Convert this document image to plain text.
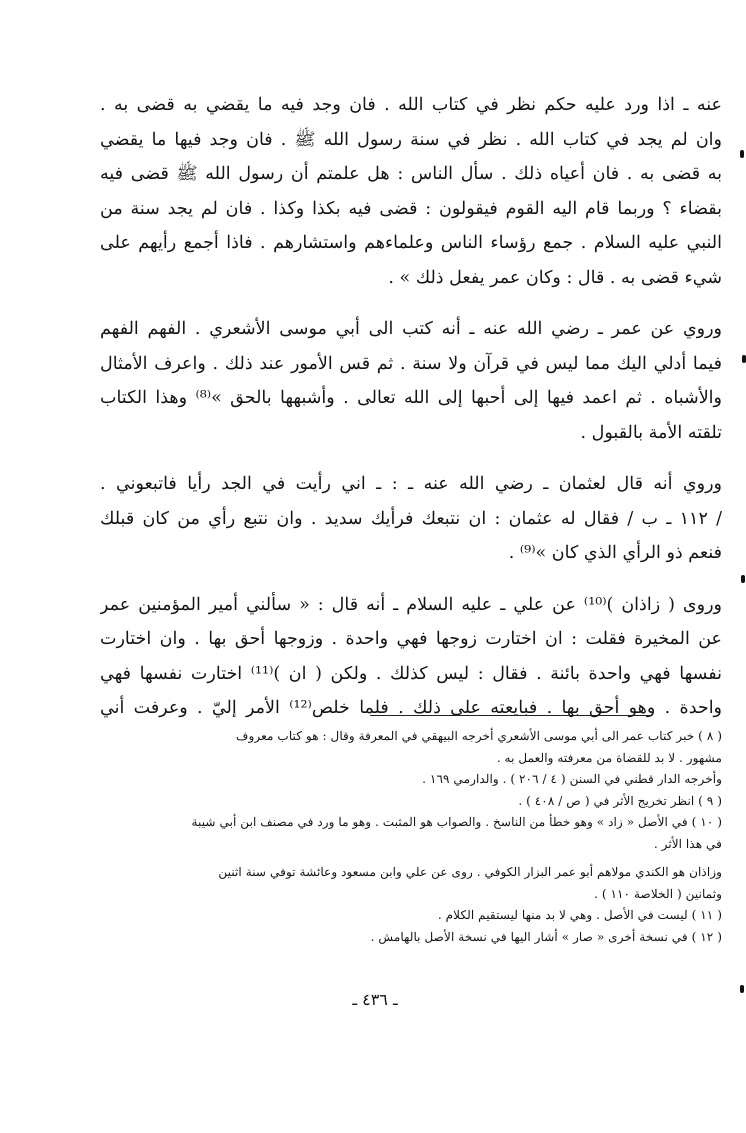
عنه ـ اذا ورد عليه حكم نظر في كتاب الله . فان وجد فيه ما يقضي به قضى به .
وان لم يجد في كتاب الله . نظر في سنة رسول الله ﷺ . فان وجد فيها ما يقضي
به قضى به . فان أعياه ذلك . سأل الناس : هل علمتم أن رسول الله ﷺ قضى فيه
بقضاء ؟ وربما قام اليه القوم فيقولون : قضى فيه بكذا وكذا . فان لم يجد سنة من
النبي عليه السلام . جمع رؤساء الناس وعلماءهم واستشارهم . فاذا أجمع رأيهم على
شيء قضى به . قال : وكان عمر يفعل ذلك » .
وروي عن عمر ـ رضي الله عنه ـ أنه كتب الى أبي موسى الأشعري . الفهم الفهم
فيما أدلي اليك مما ليس في قرآن ولا سنة . ثم قس الأمور عند ذلك . واعرف الأمثال
والأشباه . ثم اعمد فيها إلى أحبها إلى الله تعالى . وأشبهها بالحق »⁽⁸⁾ وهذا الكتاب
تلقته الأمة بالقبول .
وروي أنه قال لعثمان ـ رضي الله عنه ـ : ـ اني رأيت في الجد رأيا فاتبعوني .
/ ١١٢ ـ ب / فقال له عثمان : ان نتبعك فرأيك سديد . وان نتبع رأي من كان قبلك
فنعم ذو الرأي الذي كان »⁽⁹⁾ .
وروى ( زاذان )⁽¹⁰⁾ عن علي ـ عليه السلام ـ أنه قال : « سألني أمير المؤمنين عمر
عن المخيرة فقلت : ان اختارت زوجها فهي واحدة . وزوجها أحق بها . وان اختارت
نفسها فهي واحدة بائنة . فقال : ليس كذلك . ولكن ( ان )⁽¹¹⁾ اختارت نفسها فهي
واحدة . وهو أحق بها . فبايعته على ذلك . فلما خلص⁽¹²⁾ الأمر إليّ . وعرفت أني
( ٨ ) خبر كتاب عمر الى أبي موسى الأشعري أخرجه البيهقي في المعرفة وقال : هو كتاب معروف
مشهور . لا بد للقضاة من معرفته والعمل به .
وأخرجه الدار قطني في السنن ( ٤ / ٢٠٦ ) . والدارمي ١٦٩ .
( ٩ ) انظر تخريج الأثر في ( ص / ٤٠٨ ) .
( ١٠ ) في الأصل « زاد » وهو خطأ من الناسخ . والصواب هو المثبت . وهو ما ورد في مصنف ابن أبي شيبة
في هذا الأثر .
وزاذان هو الكندي مولاهم أبو عمر البزار الكوفي . روى عن علي وابن مسعود وعائشة توفي سنة اثنين
وثمانين ( الخلاصة ١١٠ ) .
( ١١ ) ليست في الأصل . وهي لا بد منها ليستقيم الكلام .
( ١٢ ) في نسخة أخرى « صار » أشار اليها في نسخة الأصل بالهامش .
ـ ٤٣٦ ـ
